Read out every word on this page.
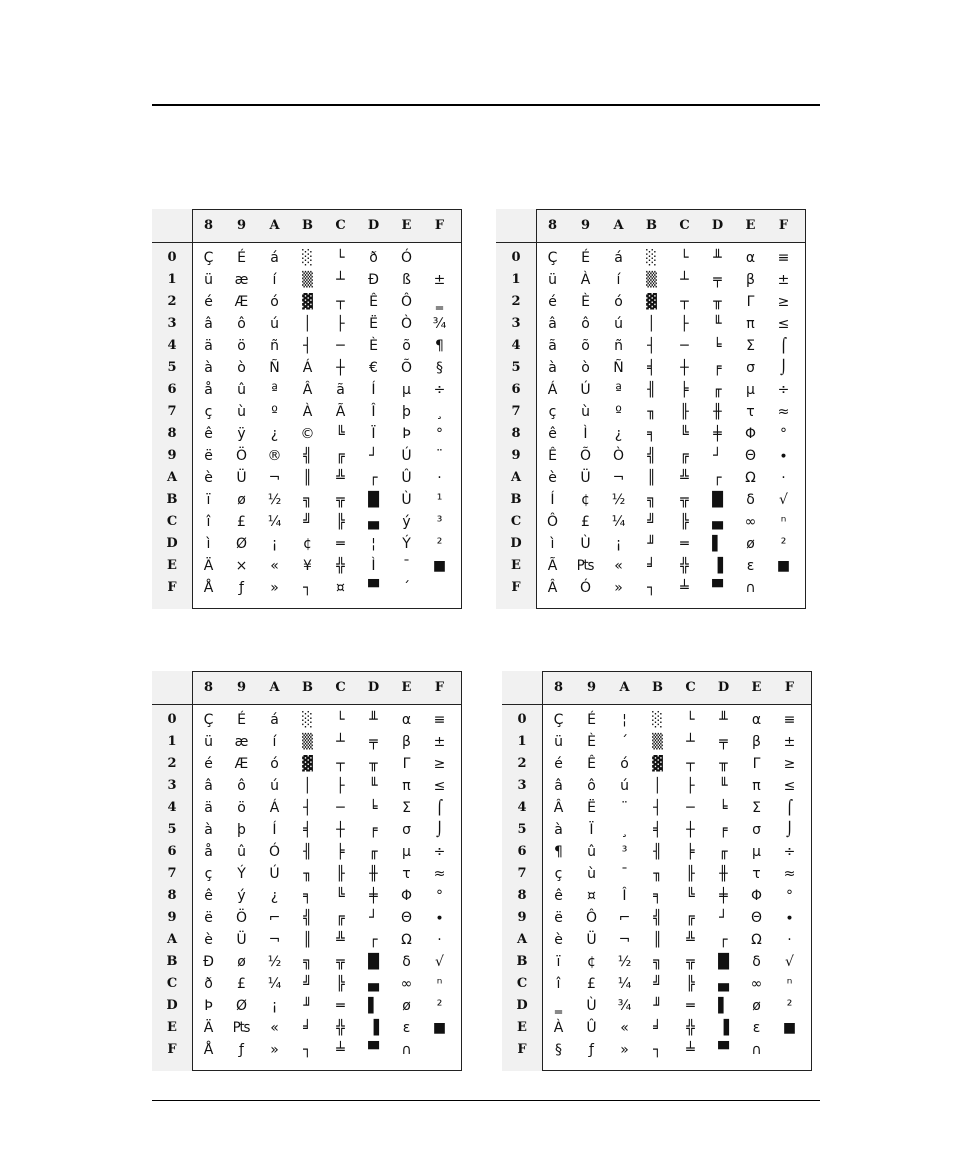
8	9	A	B	C	D	E	F
0	Ç	É	á	░	└	ð	Ó
1	ü	æ	í	▒	┴	Ð	ß	±
2	é	Æ	ó	▓	┬	Ê	Ô	‗
3	â	ô	ú	│	├	Ë	Ò	¾
4	ä	ö	ñ	┤	─	È	õ	¶
5	à	ò	Ñ	Á	┼	€	Õ	§
6	å	û	ª	Â	ã	Í	µ	÷
7	ç	ù	º	À	Ã	Î	þ	¸
8	ê	ÿ	¿	©	╚	Ï	Þ	°
9	ë	Ö	®	╣	╔	┘	Ú	¨
A	è	Ü	¬	║	╩	┌	Û	·
B	ï	ø	½	╗	╦	█	Ù	¹
C	î	£	¼	╝	╠	▄	ý	³
D	ì	Ø	¡	¢	═	¦	Ý	²
E	Ä	×	«	¥	╬	Ì	¯	■
F	Å	ƒ	»	┐	¤	▀	´
8	9	A	B	C	D	E	F
0	Ç	É	á	░	└	╨	α	≡
1	ü	À	í	▒	┴	╤	β	±
2	é	È	ó	▓	┬	╥	Γ	≥
3	â	ô	ú	│	├	╙	π	≤
4	ã	õ	ñ	┤	─	╘	Σ	⌠
5	à	ò	Ñ	╡	┼	╒	σ	⌡
6	Á	Ú	ª	╢	╞	╓	µ	÷
7	ç	ù	º	╖	╟	╫	τ	≈
8	ê	Ì	¿	╕	╚	╪	Φ	°
9	Ê	Õ	Ò	╣	╔	┘	Θ	∙
A	è	Ü	¬	║	╩	┌	Ω	·
B	Í	¢	½	╗	╦	█	δ	√
C	Ô	£	¼	╝	╠	▄	∞	ⁿ
D	ì	Ù	¡	╜	═	▌	ø	²
E	Ã	₧	«	╛	╬	▐	ε	■
F	Â	Ó	»	┐	╧	▀	∩
8	9	A	B	C	D	E	F
0	Ç	É	á	░	└	╨	α	≡
1	ü	æ	í	▒	┴	╤	β	±
2	é	Æ	ó	▓	┬	╥	Γ	≥
3	â	ô	ú	│	├	╙	π	≤
4	ä	ö	Á	┤	─	╘	Σ	⌠
5	à	þ	Í	╡	┼	╒	σ	⌡
6	å	û	Ó	╢	╞	╓	µ	÷
7	ç	Ý	Ú	╖	╟	╫	τ	≈
8	ê	ý	¿	╕	╚	╪	Φ	°
9	ë	Ö	⌐	╣	╔	┘	Θ	∙
A	è	Ü	¬	║	╩	┌	Ω	·
B	Ð	ø	½	╗	╦	█	δ	√
C	ð	£	¼	╝	╠	▄	∞	ⁿ
D	Þ	Ø	¡	╜	═	▌	ø	²
E	Ä	₧	«	╛	╬	▐	ε	■
F	Å	ƒ	»	┐	╧	▀	∩
8	9	A	B	C	D	E	F
0	Ç	É	¦	░	└	╨	α	≡
1	ü	È	´	▒	┴	╤	β	±
2	é	Ê	ó	▓	┬	╥	Γ	≥
3	â	ô	ú	│	├	╙	π	≤
4	Â	Ë	¨	┤	─	╘	Σ	⌠
5	à	Ï	¸	╡	┼	╒	σ	⌡
6	¶	û	³	╢	╞	╓	µ	÷
7	ç	ù	¯	╖	╟	╫	τ	≈
8	ê	¤	Î	╕	╚	╪	Φ	°
9	ë	Ô	⌐	╣	╔	┘	Θ	∙
A	è	Ü	¬	║	╩	┌	Ω	·
B	ï	¢	½	╗	╦	█	δ	√
C	î	£	¼	╝	╠	▄	∞	ⁿ
D	‗	Ù	¾	╜	═	▌	ø	²
E	À	Û	«	╛	╬	▐	ε	■
F	§	ƒ	»	┐	╧	▀	∩
